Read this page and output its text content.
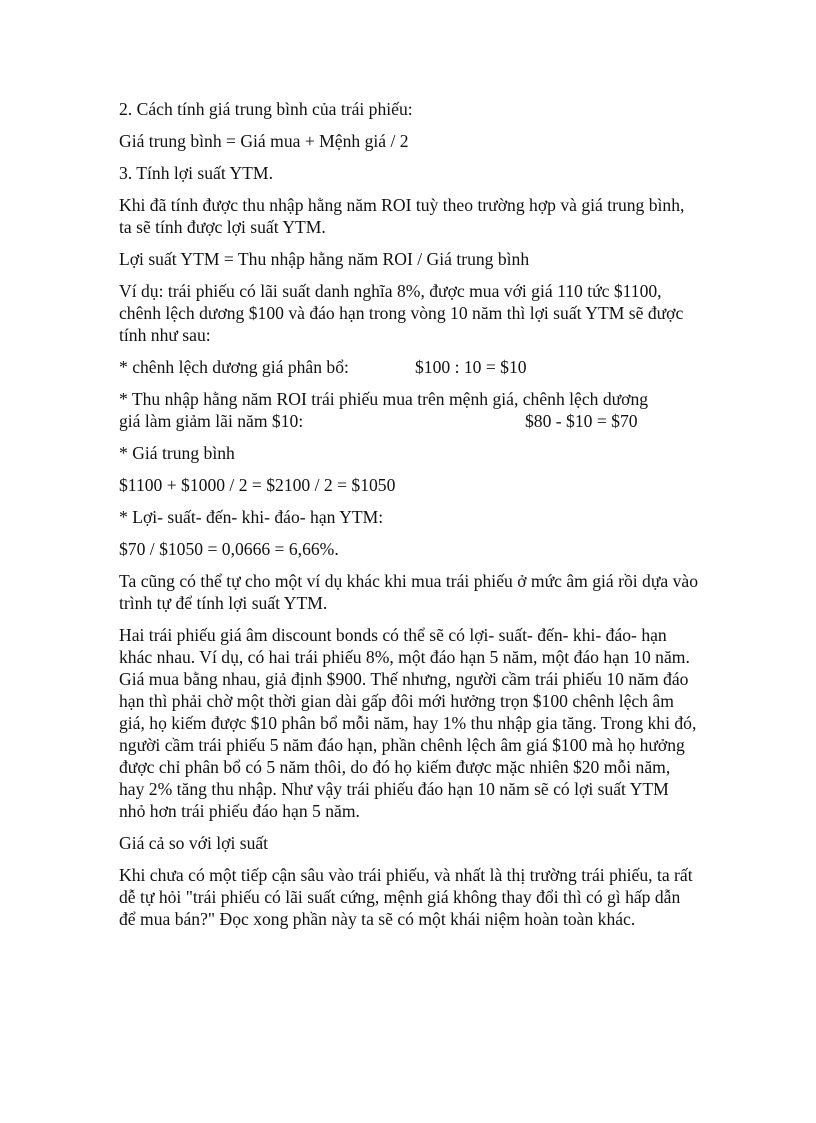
2. Cách tính giá trung bình của trái phiếu:

Giá trung bình = Giá mua + Mệnh giá / 2

3. Tính lợi suất YTM.

Khi đã tính được thu nhập hằng năm ROI tuỳ theo trường hợp và giá trung bình, ta sẽ tính được lợi suất YTM.

Lợi suất YTM = Thu nhập hằng năm ROI / Giá trung bình

Ví dụ: trái phiếu có lãi suất danh nghĩa 8%, được mua với giá 110 tức $1100, chênh lệch dương $100 và đáo hạn trong vòng 10 năm thì lợi suất YTM sẽ được tính như sau:

* chênh lệch dương giá phân bổ:	$100 : 10 = $10
* Thu nhập hằng năm ROI trái phiếu mua trên mệnh giá, chênh lệch dương
giá làm giảm lãi năm $10:	$80 - $10 = $70

* Giá trung bình

$1100 + $1000 / 2 = $2100 / 2 = $1050

* Lợi- suất- đến- khi- đáo- hạn YTM:

$70 / $1050 = 0,0666 = 6,66%.

Ta cũng có thể tự cho một ví dụ khác khi mua trái phiếu ở mức âm giá rồi dựa vào trình tự để tính lợi suất YTM.

Hai trái phiếu giá âm discount bonds có thể sẽ có lợi- suất- đến- khi- đáo- hạn khác nhau. Ví dụ, có hai trái phiếu 8%, một đáo hạn 5 năm, một đáo hạn 10 năm. Giá mua bằng nhau, giả định $900. Thế nhưng, người cầm trái phiếu 10 năm đáo hạn thì phải chờ một thời gian dài gấp đôi mới hưởng trọn $100 chênh lệch âm giá, họ kiếm được $10 phân bổ mỗi năm, hay 1% thu nhập gia tăng. Trong khi đó, người cầm trái phiếu 5 năm đáo hạn, phần chênh lệch âm giá $100 mà họ hưởng được chỉ phân bổ có 5 năm thôi, do đó họ kiếm được mặc nhiên $20 mỗi năm, hay 2% tăng thu nhập. Như vậy trái phiếu đáo hạn 10 năm sẽ có lợi suất YTM nhỏ hơn trái phiếu đáo hạn 5 năm.

Giá cả so với lợi suất

Khi chưa có một tiếp cận sâu vào trái phiếu, và nhất là thị trường trái phiếu, ta rất dễ tự hỏi "trái phiếu có lãi suất cứng, mệnh giá không thay đổi thì có gì hấp dẫn để mua bán?" Đọc xong phần này ta sẽ có một khái niệm hoàn toàn khác.
